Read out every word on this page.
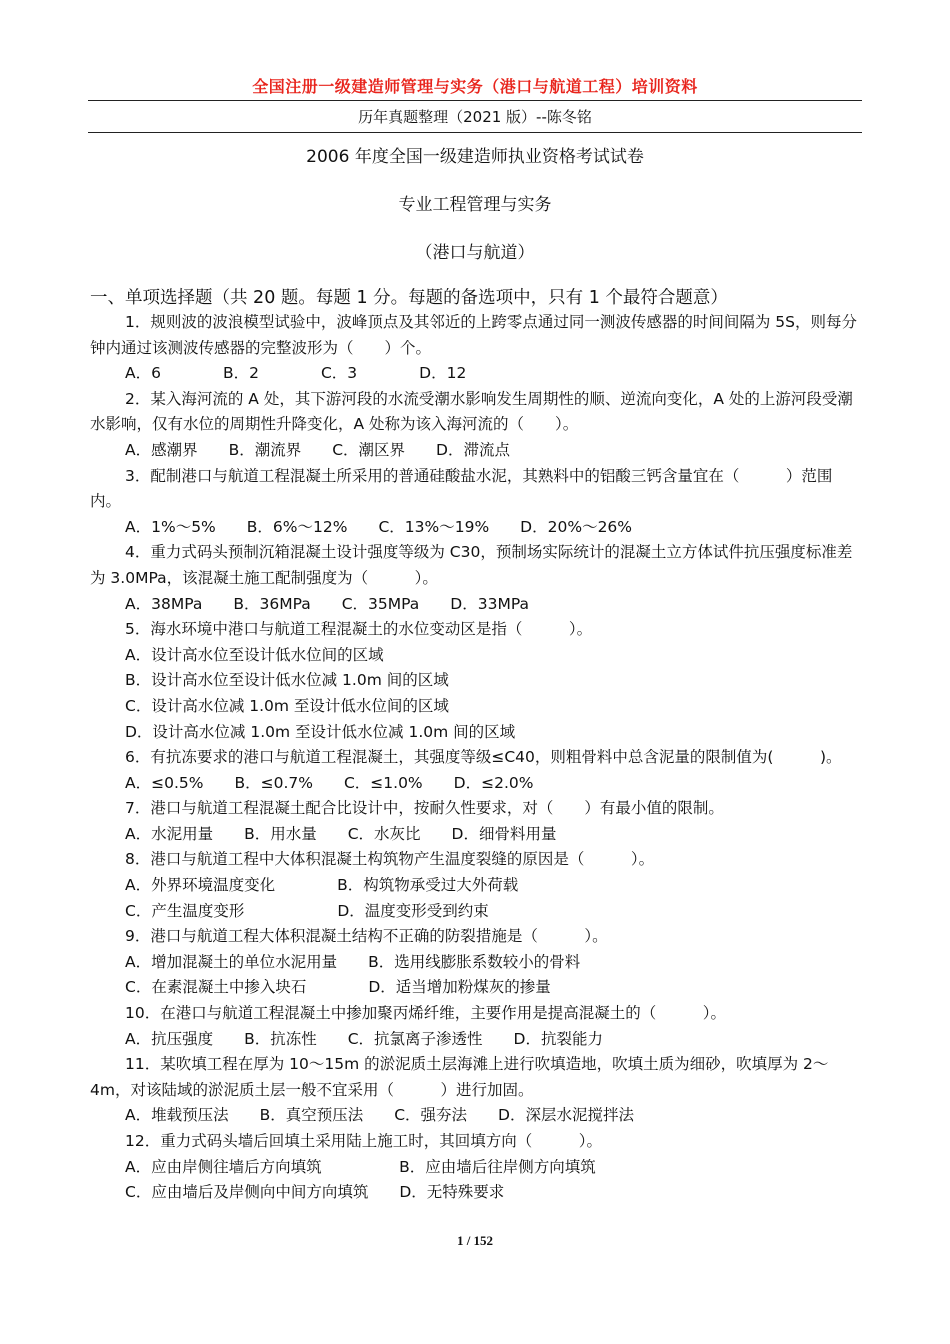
全国注册一级建造师管理与实务（港口与航道工程）培训资料
历年真题整理（2021 版）--陈冬铭
2006 年度全国一级建造师执业资格考试试卷
专业工程管理与实务
（港口与航道）
一、单项选择题（共 20 题。每题 1 分。每题的备选项中，只有 1 个最符合题意）

1．规则波的波浪模型试验中，波峰顶点及其邻近的上跨零点通过同一测波传感器的时间间隔为 5S，则每分钟内通过该测波传感器的完整波形为（　　）个。

A．6　　　　B．2　　　　C．3　　　　D．12

2．某入海河流的 A 处，其下游河段的水流受潮水影响发生周期性的顺、逆流向变化，A 处的上游河段受潮水影响，仅有水位的周期性升降变化，A 处称为该入海河流的（　　）。

A．感潮界　　B．潮流界　　C．潮区界　　D．滞流点

3．配制港口与航道工程混凝土所采用的普通硅酸盐水泥，其熟料中的铝酸三钙含量宜在（　　　）范围内。

A．1%～5%　　B．6%～12%　　C．13%～19%　　D．20%～26%

4．重力式码头预制沉箱混凝土设计强度等级为 C30，预制场实际统计的混凝土立方体试件抗压强度标准差为 3.0MPa，该混凝土施工配制强度为（　　　）。

A．38MPa　　B．36MPa　　C．35MPa　　D．33MPa

5．海水环境中港口与航道工程混凝土的水位变动区是指（　　　）。

A．设计高水位至设计低水位间的区域

B．设计高水位至设计低水位减 1.0m 间的区域

C．设计高水位减 1.0m 至设计低水位间的区域

D．设计高水位减 1.0m 至设计低水位减 1.0m 间的区域

6．有抗冻要求的港口与航道工程混凝土，其强度等级≤C40，则粗骨料中总含泥量的限制值为(　　　)。

A．≤0.5%　　B．≤0.7%　　C．≤1.0%　　D．≤2.0%

7．港口与航道工程混凝土配合比设计中，按耐久性要求，对（　　）有最小值的限制。

A．水泥用量　　B．用水量　　C．水灰比　　D．细骨料用量

8．港口与航道工程中大体积混凝土构筑物产生温度裂缝的原因是（　　　）。

A．外界环境温度变化　　　　B．构筑物承受过大外荷载

C．产生温度变形　　　　　　D．温度变形受到约束

9．港口与航道工程大体积混凝土结构不正确的防裂措施是（　　　）。

A．增加混凝土的单位水泥用量　　B．选用线膨胀系数较小的骨料

C．在素混凝土中掺入块石　　　　D．适当增加粉煤灰的掺量

10．在港口与航道工程混凝土中掺加聚丙烯纤维，主要作用是提高混凝土的（　　　）。

A．抗压强度　　B．抗冻性　　C．抗氯离子渗透性　　D．抗裂能力

11．某吹填工程在厚为 10～15m 的淤泥质土层海滩上进行吹填造地，吹填土质为细砂，吹填厚为 2～4m，对该陆域的淤泥质土层一般不宜采用（　　　）进行加固。

A．堆载预压法　　B．真空预压法　　C．强夯法　　D．深层水泥搅拌法

12．重力式码头墙后回填土采用陆上施工时，其回填方向（　　　）。

A．应由岸侧往墙后方向填筑　　　　　B．应由墙后往岸侧方向填筑

C．应由墙后及岸侧向中间方向填筑　　D．无特殊要求

1 / 152
